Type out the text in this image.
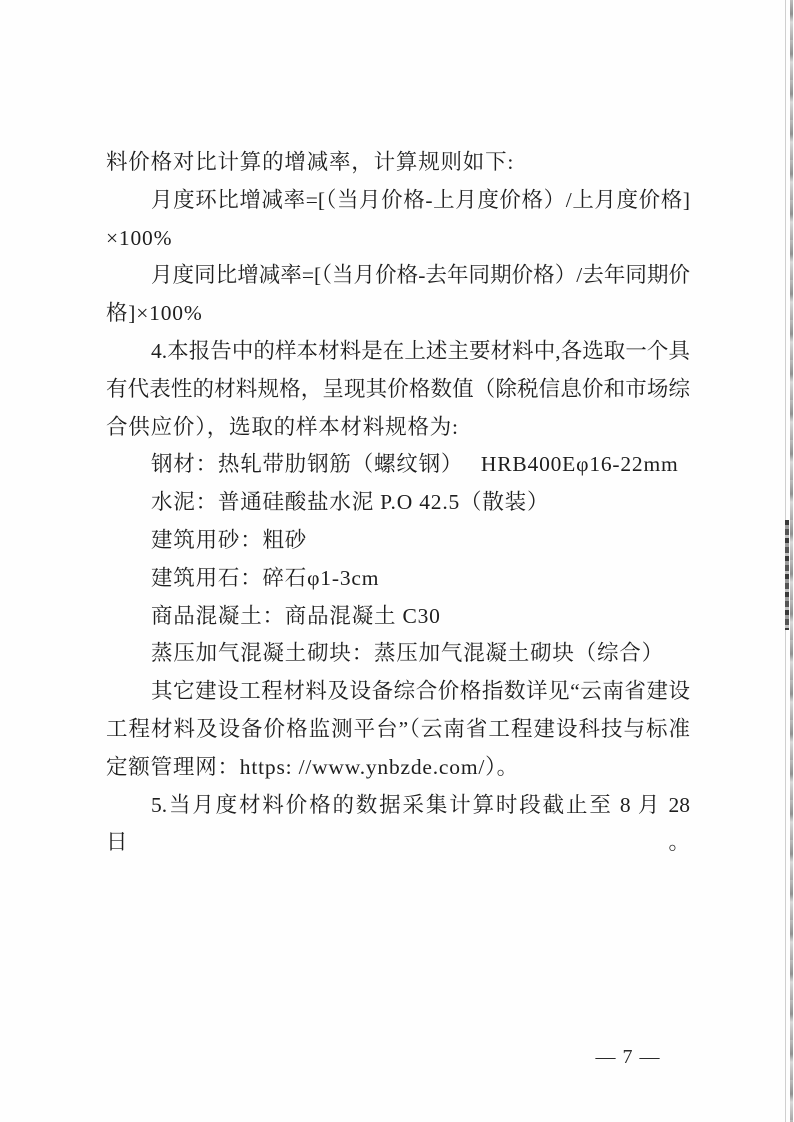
料价格对比计算的增减率，计算规则如下:
月度环比增减率=[（当月价格-上月度价格）/上月度价格]
×100%
月度同比增减率=[（当月价格-去年同期价格）/去年同期价
格]×100%
4.本报告中的样本材料是在上述主要材料中,各选取一个具
有代表性的材料规格，呈现其价格数值（除税信息价和市场综
合供应价），选取的样本材料规格为:
钢材：热轧带肋钢筋（螺纹钢）　 HRB400Eφ16-22mm
水泥：普通硅酸盐水泥 P.O 42.5（散装）
建筑用砂：粗砂
建筑用石：碎石φ1-3cm
商品混凝土：商品混凝土 C30
蒸压加气混凝土砌块：蒸压加气混凝土砌块（综合）
其它建设工程材料及设备综合价格指数详见“云南省建设
工程材料及设备价格监测平台”（云南省工程建设科技与标准
定额管理网：https: //www.ynbzde.com/）。
5.当月度材料价格的数据采集计算时段截止至 8 月 28 日。
— 7 —
